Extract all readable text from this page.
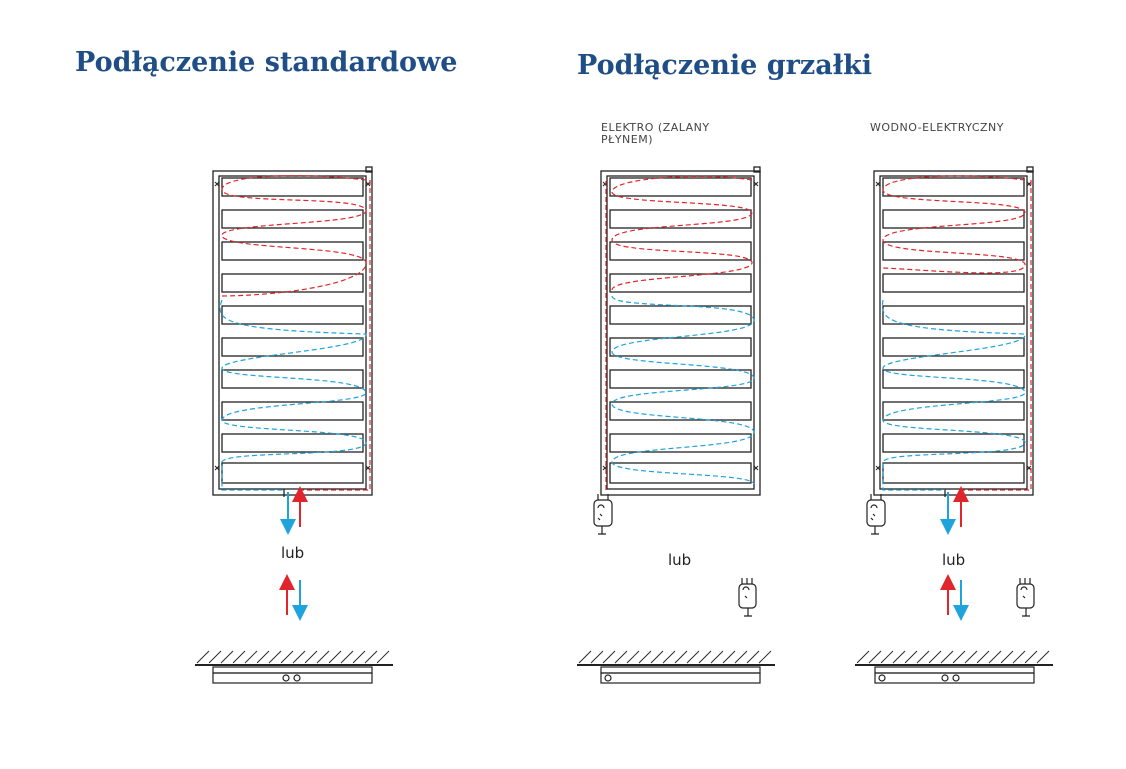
Podłączenie standardowe	Podłączenie grzałki
ELEKTRO (ZALANY
PŁYNEM)
WODNO-ELEKTRYCZNY
lub	lub	lub
